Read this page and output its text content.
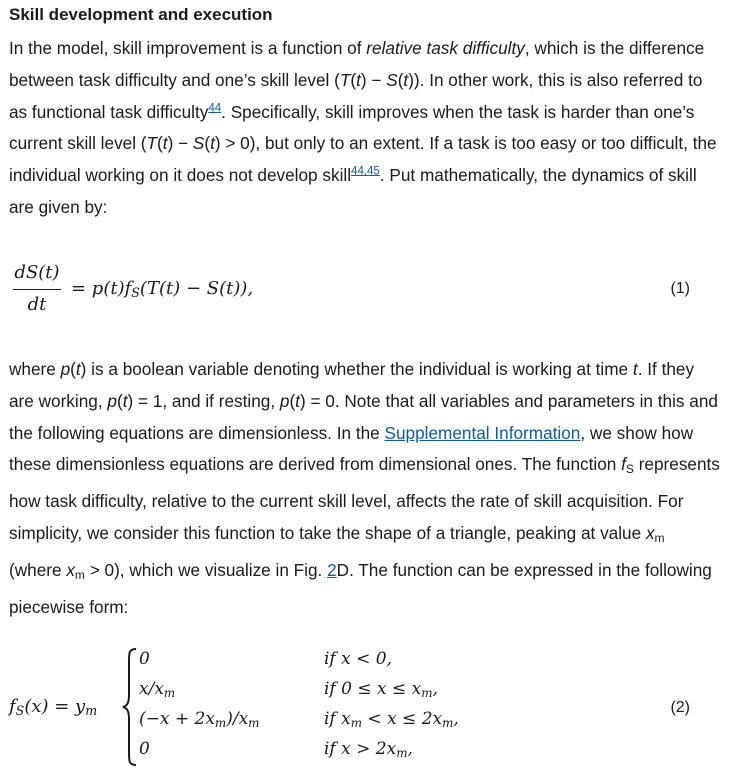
Skill development and execution

In the model, skill improvement is a function of relative task difficulty, which is the difference between task difficulty and one’s skill level (T(t) − S(t)). In other work, this is also referred to as functional task difficulty$^{44}$. Specifically, skill improves when the task is harder than one’s current skill level (T(t) − S(t) > 0), but only to an extent. If a task is too easy or too difficult, the individual working on it does not develop skill$^{44,45}$. Put mathematically, the dynamics of skill are given by:

dS(t)
dt
= $p(t)f_S(T(t) - S(t))$,	(1)

where p(t) is a boolean variable denoting whether the individual is working at time t. If they are working, p(t) = 1, and if resting, p(t) = 0. Note that all variables and parameters in this and the following equations are dimensionless. In the Supplemental Information, we show how these dimensionless equations are derived from dimensional ones. The function $f_S$ represents how task difficulty, relative to the current skill level, affects the rate of skill acquisition. For simplicity, we consider this function to take the shape of a triangle, peaking at value $x_m$ (where $x_m > 0$), which we visualize in Fig. 2D. The function can be expressed in the following piecewise form:

$f_S(x) = y_m$
0
$x/x_m$
$(-x + 2x_m)/x_m$
0
if x < 0,
if $0 \le x \le x_m$,
if $x_m < x \le 2x_m$,
if $x > 2x_m$,
(2)
